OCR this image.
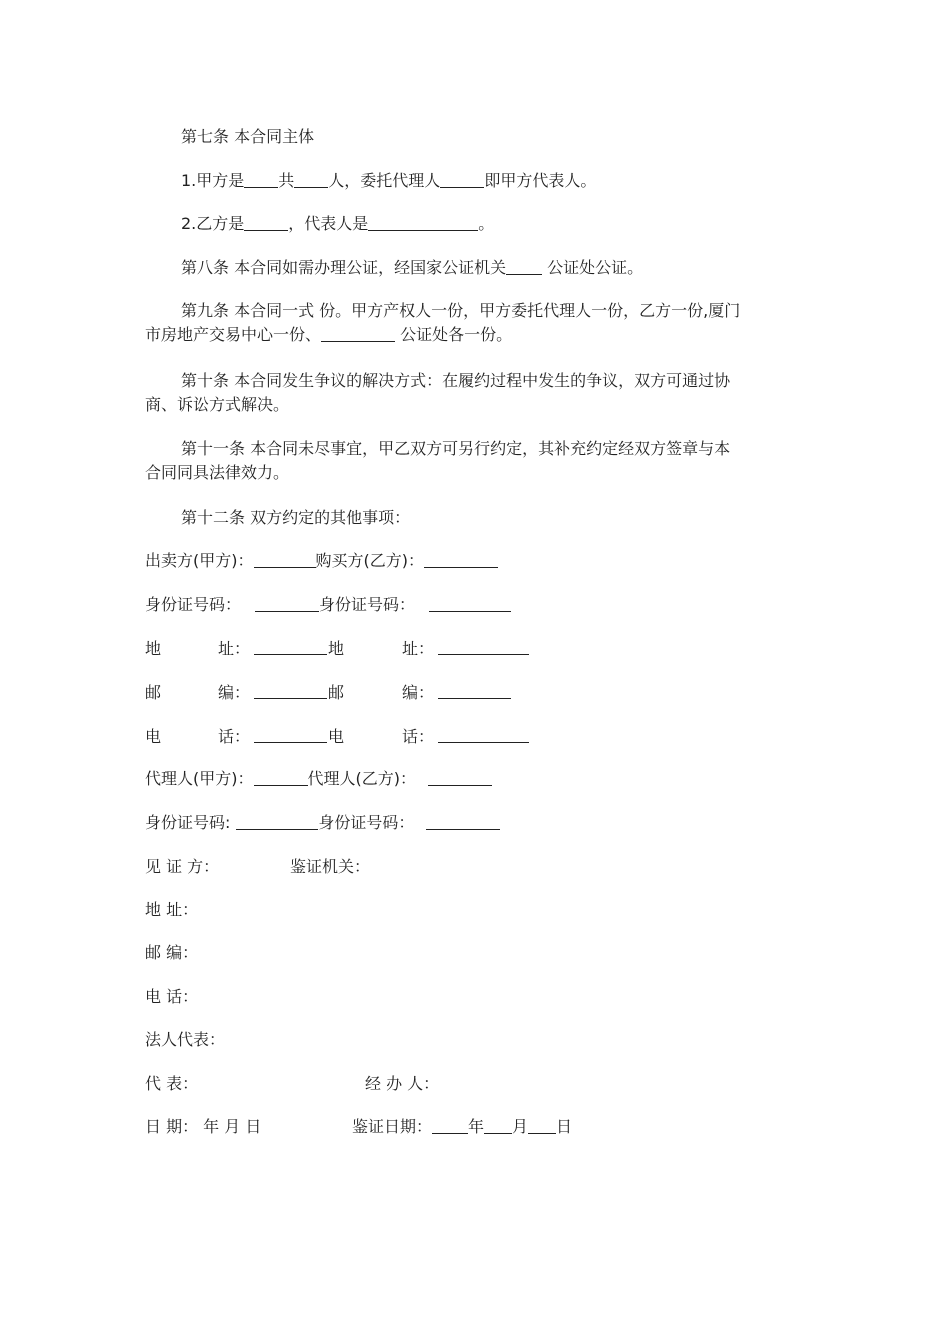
第七条 本合同主体
1.甲方是 共 人，委托代理人	即甲方代表人。
2.乙方是	，代表人是	。
第八条 本合同如需办理公证，经国家公证机关 公证处公证。
第九条 本合同一式 份。甲方产权人一份，甲方委托代理人一份，乙方一份,厦门
市房地产交易中心一份、	公证处各一份。
第十条 本合同发生争议的解决方式：在履约过程中发生的争议，双方可通过协
商、诉讼方式解决。
第十一条 本合同未尽事宜，甲乙双方可另行约定，其补充约定经双方签章与本
合同同具法律效力。
第十二条 双方约定的其他事项：
出卖方(甲方)：	购买方(乙方)：
身份证号码：	身份证号码：
地	址：	地	址：
邮	编：	邮	编：
电	话：	电	话：
代理人(甲方)：	代理人(乙方)：
身份证号码:	身份证号码：
见 证 方：	鉴证机关：
地 址：
邮 编：
电 话：
法人代表：
代 表：	经 办 人：
日 期： 年 月 日	鉴证日期： 年 月 日
